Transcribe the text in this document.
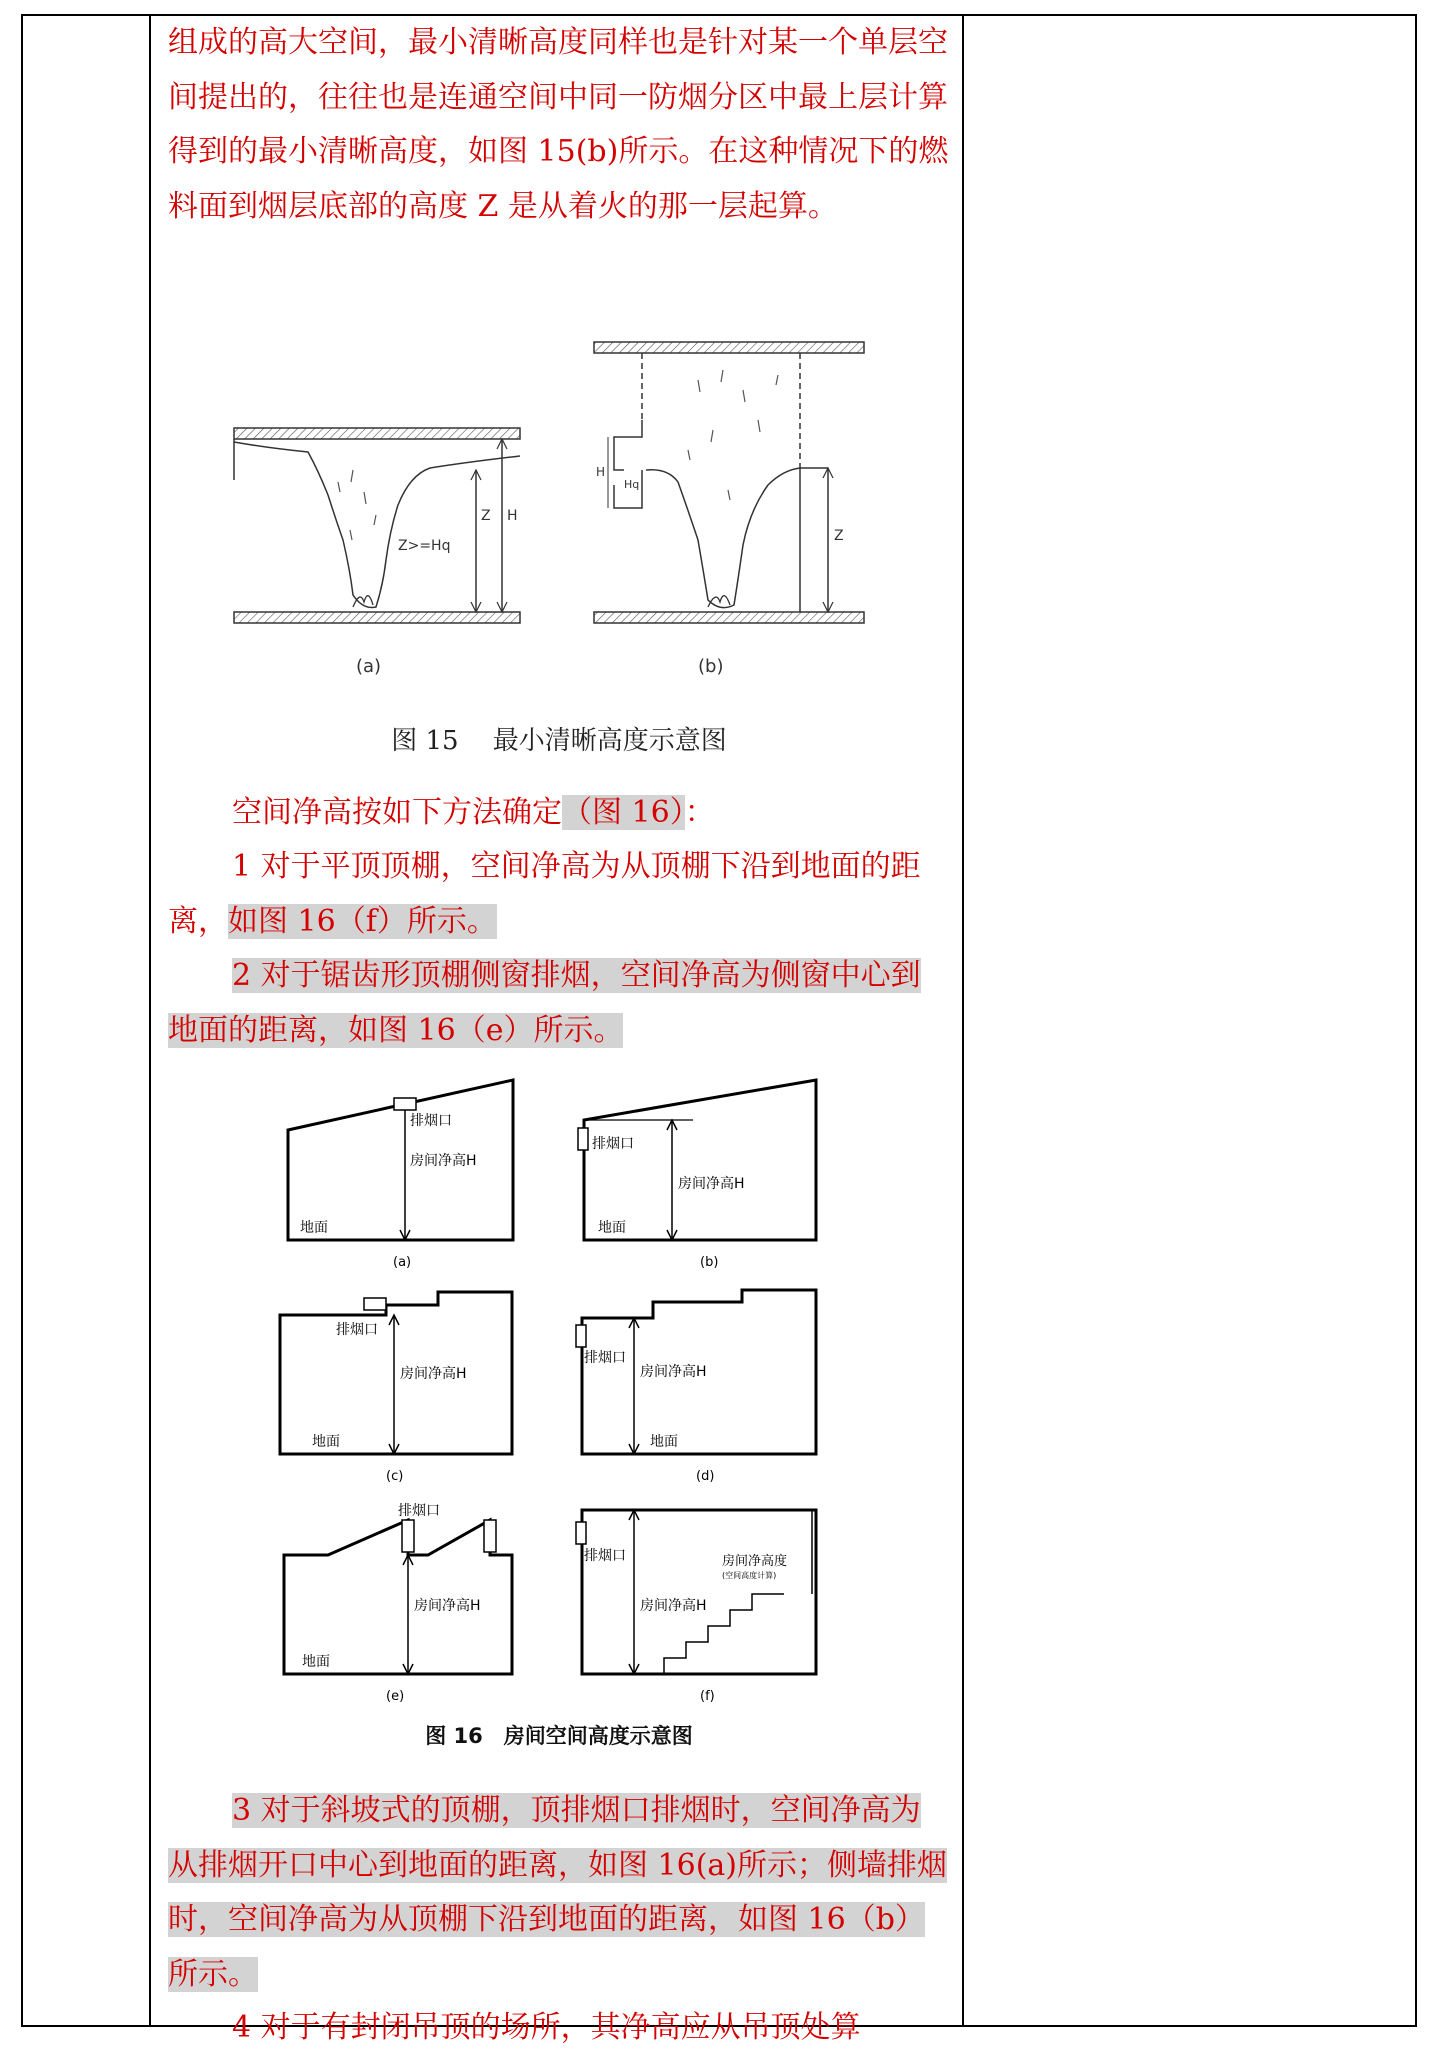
组成的高大空间，最小清晰高度同样也是针对某一个单层空间提出的，往往也是连通空间中同一防烟分区中最上层计算得到的最小清晰高度，如图 15(b)所示。在这种情况下的燃料面到烟层底部的高度 Z 是从着火的那一层起算。

Z H
Z>=Hq
(a)
Z
H
Hq
(b)
图 15　 最小清晰高度示意图

空间净高按如下方法确定（图 16）：

1 对于平顶顶棚，空间净高为从顶棚下沿到地面的距离，如图 16（f）所示。

2 对于锯齿形顶棚侧窗排烟，空间净高为侧窗中心到地面的距离，如图 16（e）所示。

排烟口
房间净高H
地面
(a)
排烟口
房间净高H
地面
(b)
排烟口
房间净高H
地面
(c)
排烟口
房间净高H
地面
(d)
排烟口
房间净高H
地面
(e)
排烟口
房间净高H
房间净高度
(空间高度计算)
(f)
图 16　房间空间高度示意图

3 对于斜坡式的顶棚，顶排烟口排烟时，空间净高为从排烟开口中心到地面的距离，如图 16(a)所示；侧墙排烟时，空间净高为从顶棚下沿到地面的距离，如图 16（b）所示。

4 对于有封闭吊顶的场所，其净高应从吊顶处算
